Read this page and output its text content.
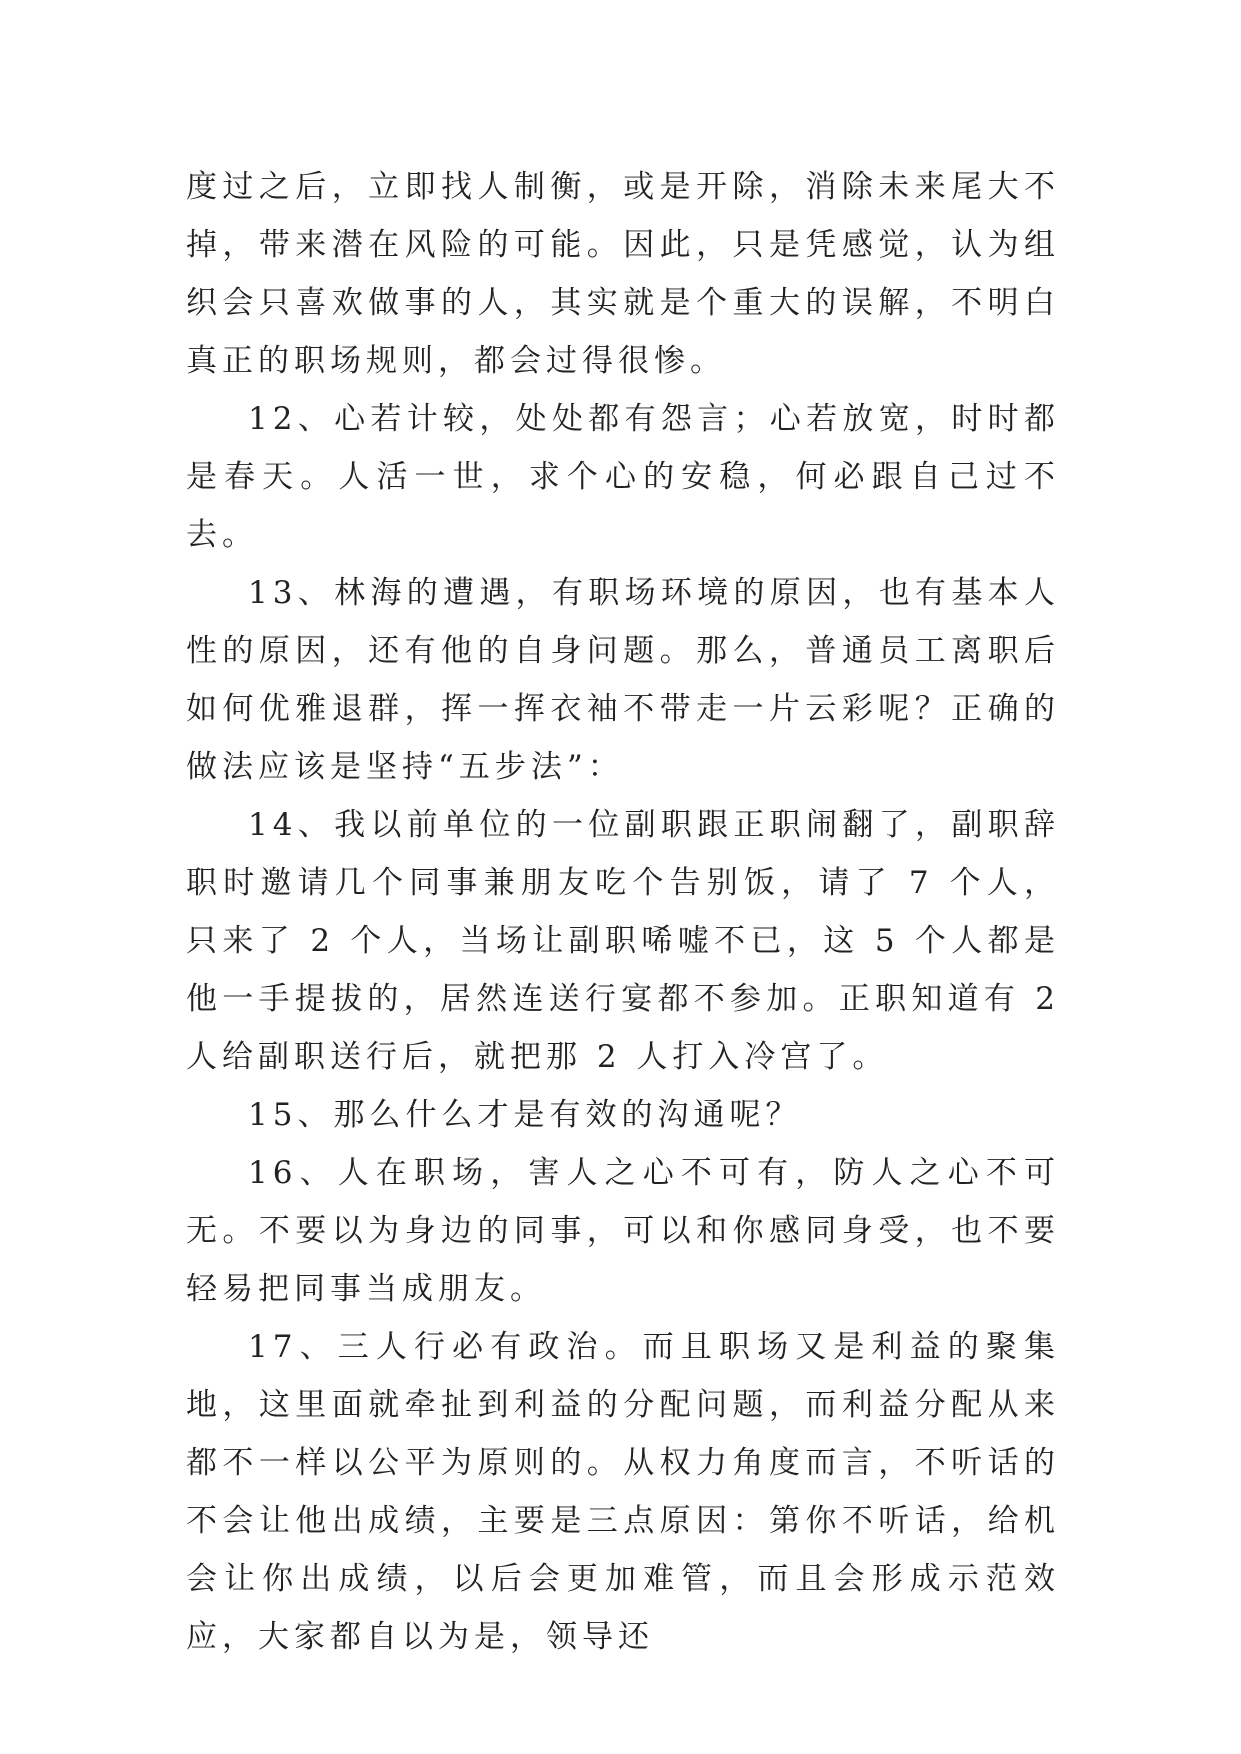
度过之后，立即找人制衡，或是开除，消除未来尾大不掉，带来潜在风险的可能。因此，只是凭感觉，认为组织会只喜欢做事的人，其实就是个重大的误解，不明白真正的职场规则，都会过得很惨。

12、心若计较，处处都有怨言；心若放宽，时时都是春天。人活一世，求个心的安稳，何必跟自己过不去。

13、林海的遭遇，有职场环境的原因，也有基本人性的原因，还有他的自身问题。那么，普通员工离职后如何优雅退群，挥一挥衣袖不带走一片云彩呢？正确的做法应该是坚持“五步法”：

14、我以前单位的一位副职跟正职闹翻了，副职辞职时邀请几个同事兼朋友吃个告别饭，请了 7 个人，只来了 2 个人，当场让副职唏嘘不已，这 5 个人都是他一手提拔的，居然连送行宴都不参加。正职知道有 2 人给副职送行后，就把那 2 人打入冷宫了。

15、那么什么才是有效的沟通呢？

16、人在职场，害人之心不可有，防人之心不可无。不要以为身边的同事，可以和你感同身受，也不要轻易把同事当成朋友。

17、三人行必有政治。而且职场又是利益的聚集地，这里面就牵扯到利益的分配问题，而利益分配从来都不一样以公平为原则的。从权力角度而言，不听话的不会让他出成绩，主要是三点原因：第你不听话，给机会让你出成绩，以后会更加难管，而且会形成示范效应，大家都自以为是，领导还
